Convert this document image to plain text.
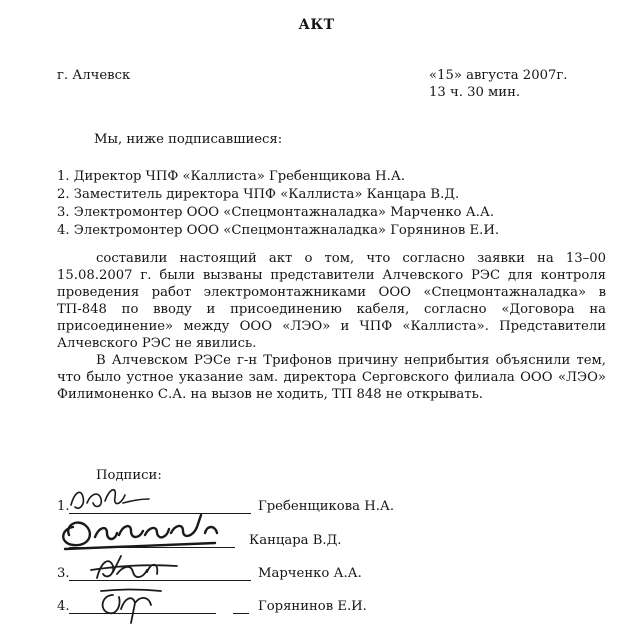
АКТ
г. Алчевск	«15» августа 2007г.
13 ч. 30 мин.
Мы, ниже подписавшиеся:
1. Директор ЧПФ «Каллиста» Гребенщикова Н.А.
2. Заместитель директора ЧПФ «Каллиста» Канцара В.Д.
3. Электромонтер ООО «Спецмонтажналадка» Марченко А.А.
4. Электромонтер ООО «Спецмонтажналадка» Горянинов Е.И.

составили настоящий акт о том, что согласно заявки на 13–00 15.08.2007 г. были вызваны представители Алчевского РЭС для контроля проведения работ электромонтажниками ООО «Спецмонтажналадка» в ТП-848 по вводу и присоединению кабеля, согласно «Договора на присоединение» между ООО «ЛЭО» и ЧПФ «Каллиста». Представители Алчевского РЭС не явились.

В Алчевском РЭСе г-н Трифонов причину неприбытия объяснили тем, что было устное указание зам. директора Серговского филиала ООО «ЛЭО» Филимоненко С.А. на вызов не ходить, ТП 848 не открывать.

Подписи:
1.	Гребенщикова Н.А.
Канцара В.Д.
3.	Марченко А.А.
4.	Горянинов Е.И.
